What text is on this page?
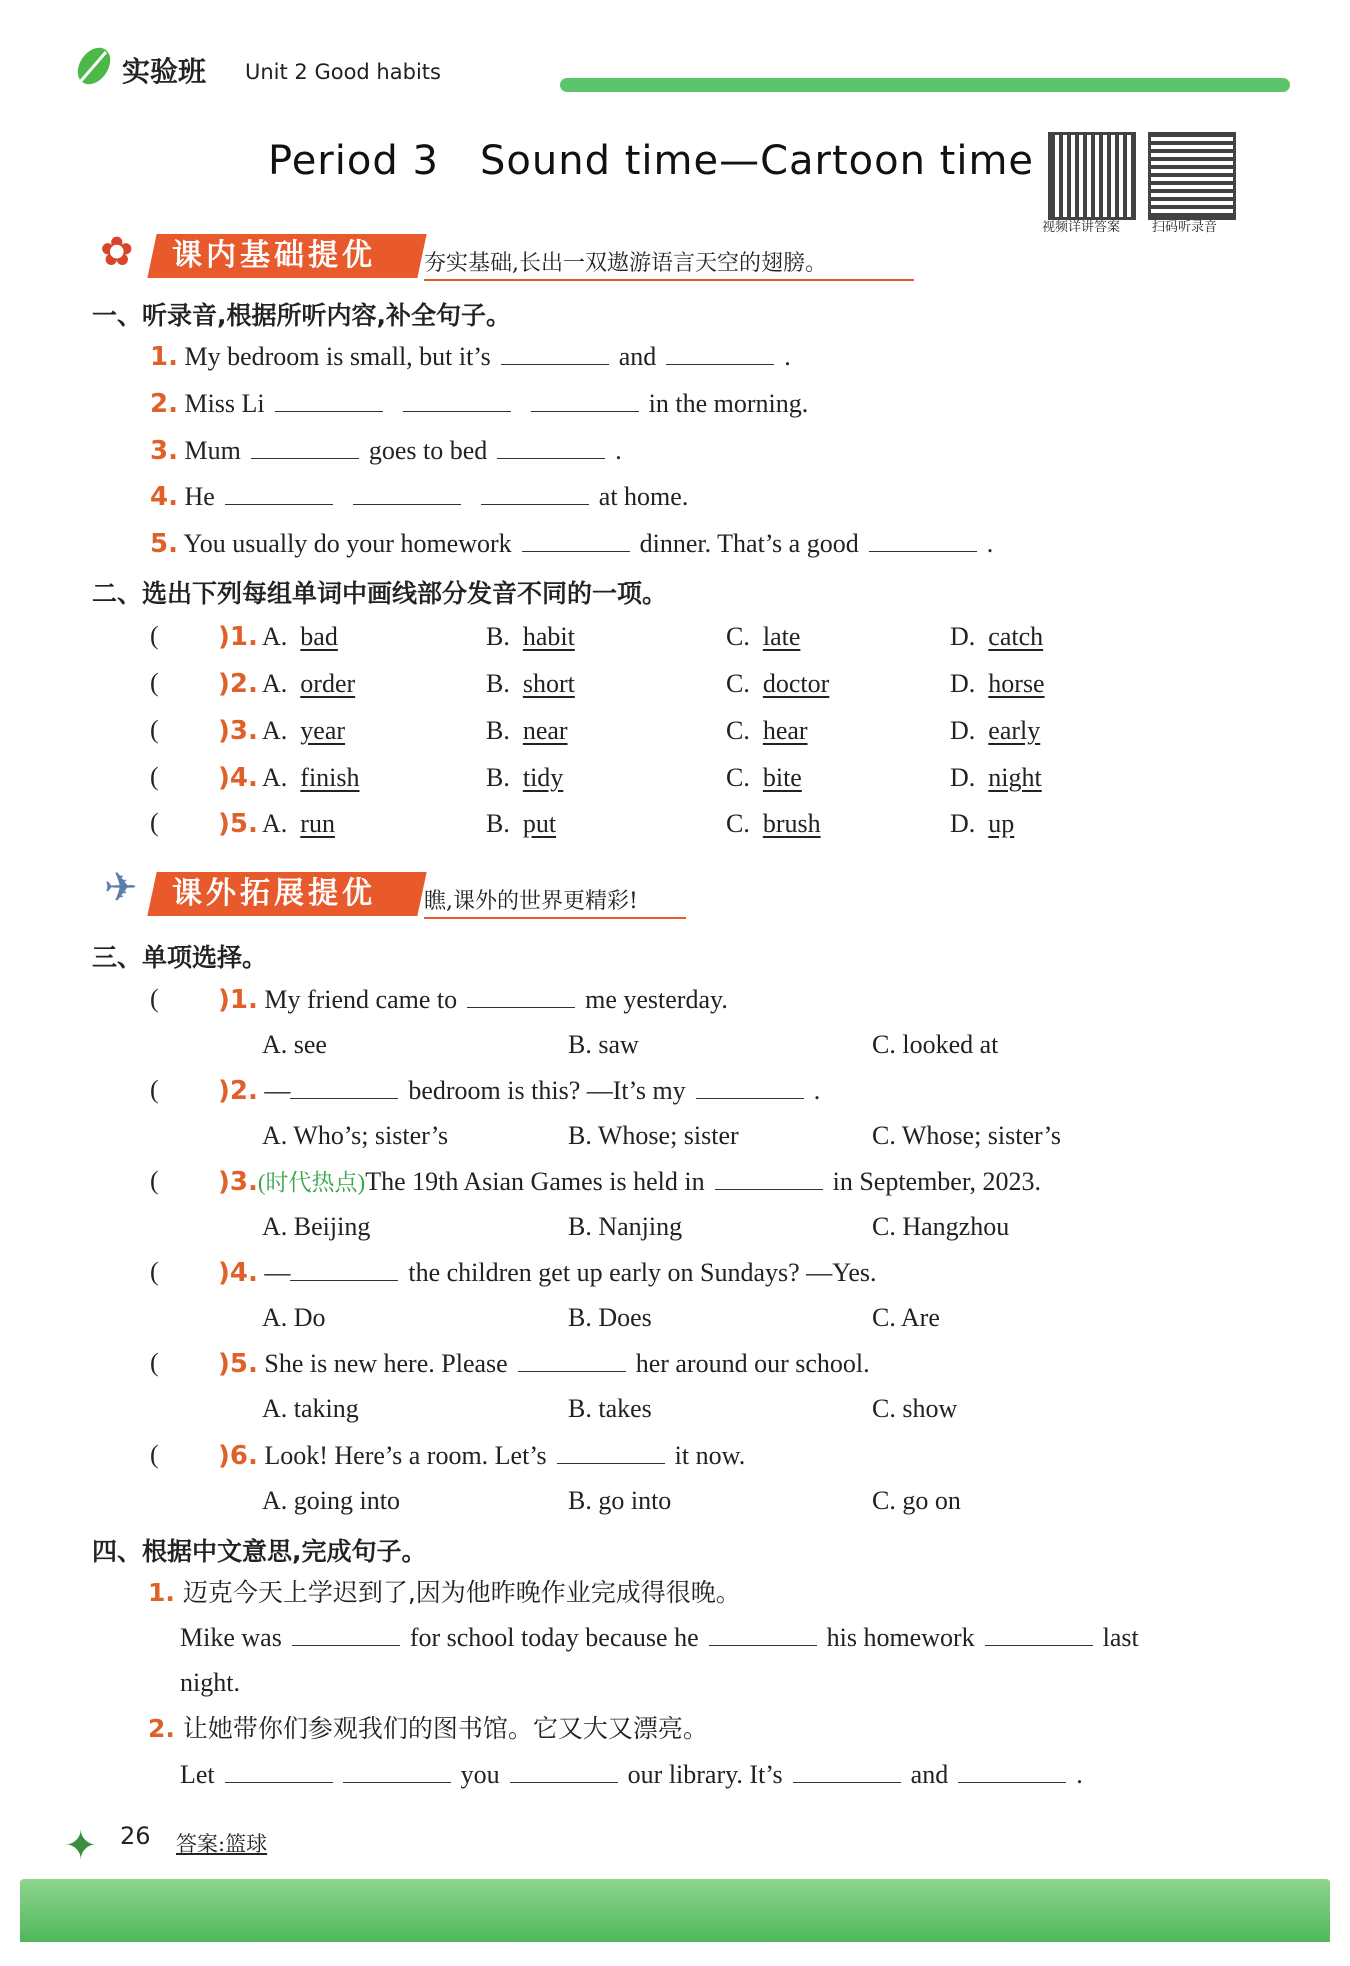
实验班 Unit 2 Good habits
Period 3   Sound time—Cartoon time
视频详讲答案 扫码听录音
✿	课内基础提优	夯实基础,长出一双遨游语言天空的翅膀。
一、听录音,根据所听内容,补全句子。
1. My bedroom is small, but it’s	and	.
2. Miss Li	in the morning.
3. Mum	goes to bed	.
4. He	at home.
5. You usually do your homework	dinner. That’s a good	.
二、选出下列每组单词中画线部分发音不同的一项。
( )1. A.  bad	B.  habit	C.  late	D.  catch
( )2. A.  order	B.  short	C.  doctor	D.  horse
( )3. A.  year	B.  near	C.  hear	D.  early
( )4. A.  finish	B.  tidy	C.  bite	D.  night
( )5. A.  run	B.  put	C.  brush	D.  up
✈	课外拓展提优	瞧,课外的世界更精彩!
三、单项选择。
( )1. My friend came to	me yesterday.
A. see	B. saw	C. looked at
( )2. —	bedroom is this? —It’s my	.
A. Who’s; sister’s	B. Whose; sister	C. Whose; sister’s
( )3.(时代热点)The 19th Asian Games is held in	in September, 2023.
A. Beijing	B. Nanjing	C. Hangzhou
( )4. —	the children get up early on Sundays? —Yes.
A. Do	B. Does	C. Are
( )5. She is new here. Please	her around our school.
A. taking	B. takes	C. show
( )6. Look! Here’s a room. Let’s	it now.
A. going into	B. go into	C. go on
四、根据中文意思,完成句子。
1. 迈克今天上学迟到了,因为他昨晚作业完成得很晚。
Mike was	for school today because he	his homework	last
night.
2. 让她带你们参观我们的图书馆。它又大又漂亮。
Let	you	our library. It’s	and	.
✦ 26 答案:篮球
